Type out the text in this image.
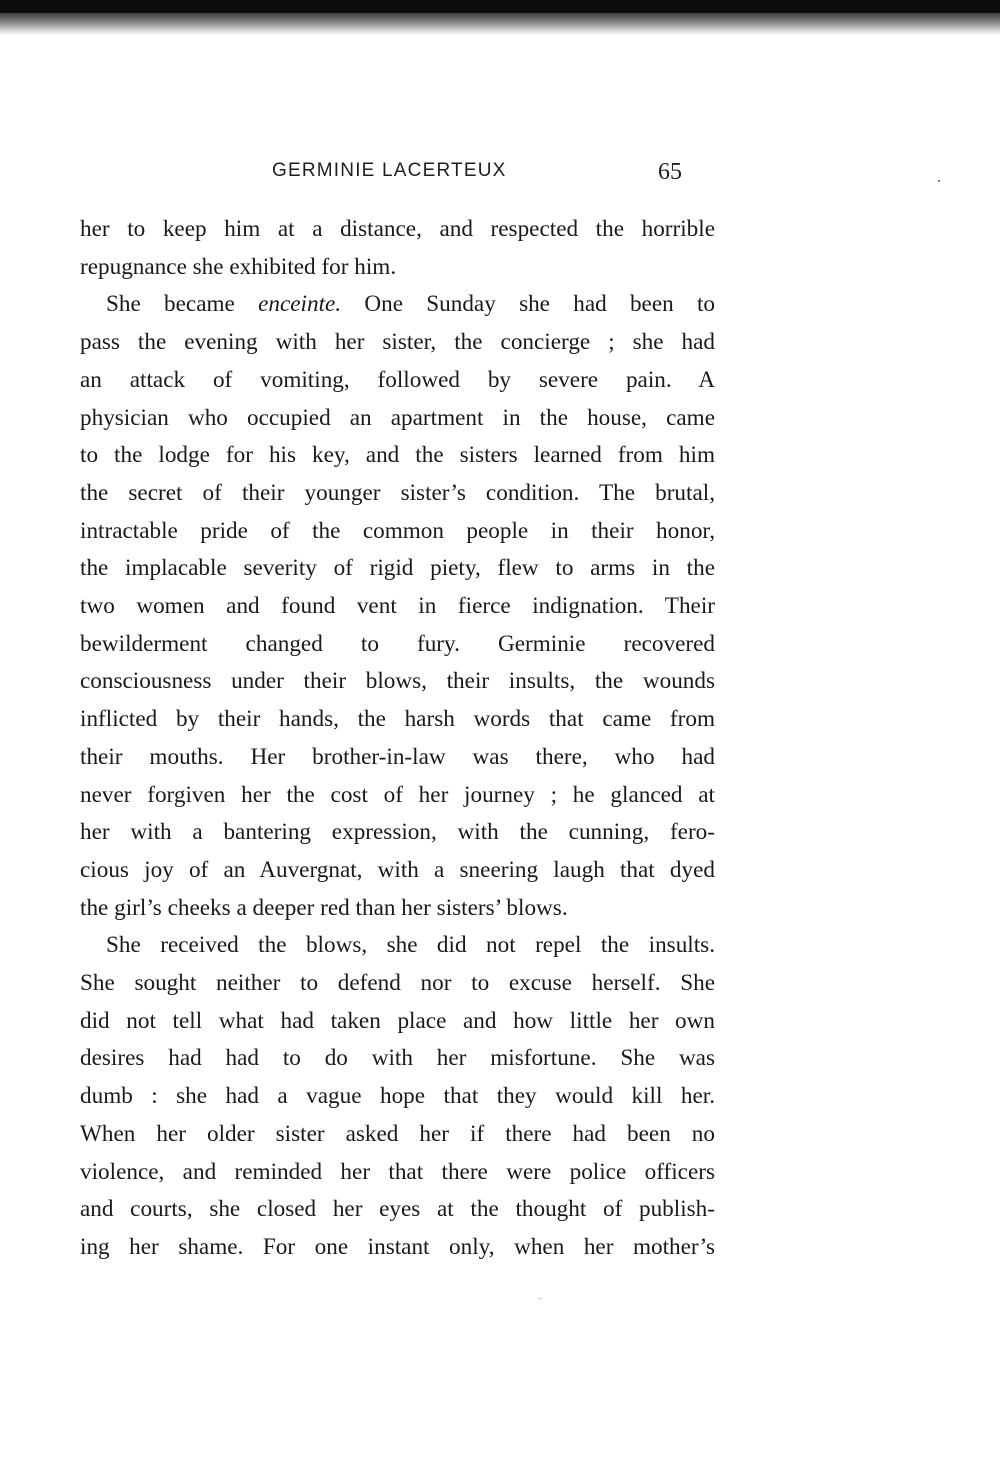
GERMINIE LACERTEUX	65

her to keep him at a distance, and respected the horrible

repugnance she exhibited for him.

She became enceinte. One Sunday she had been to

pass the evening with her sister, the concierge ; she had

an attack of vomiting, followed by severe pain. A

physician who occupied an apartment in the house, came

to the lodge for his key, and the sisters learned from him

the secret of their younger sister’s condition. The brutal,

intractable pride of the common people in their honor,

the implacable severity of rigid piety, flew to arms in the

two women and found vent in fierce indignation. Their

bewilderment changed to fury. Germinie recovered

consciousness under their blows, their insults, the wounds

inflicted by their hands, the harsh words that came from

their mouths. Her brother-in-law was there, who had

never forgiven her the cost of her journey ; he glanced at

her with a bantering expression, with the cunning, fero-

cious joy of an Auvergnat, with a sneering laugh that dyed

the girl’s cheeks a deeper red than her sisters’ blows.

She received the blows, she did not repel the insults.

She sought neither to defend nor to excuse herself. She

did not tell what had taken place and how little her own

desires had had to do with her misfortune. She was

dumb : she had a vague hope that they would kill her.

When her older sister asked her if there had been no

violence, and reminded her that there were police officers

and courts, she closed her eyes at the thought of publish-

ing her shame. For one instant only, when her mother’s
